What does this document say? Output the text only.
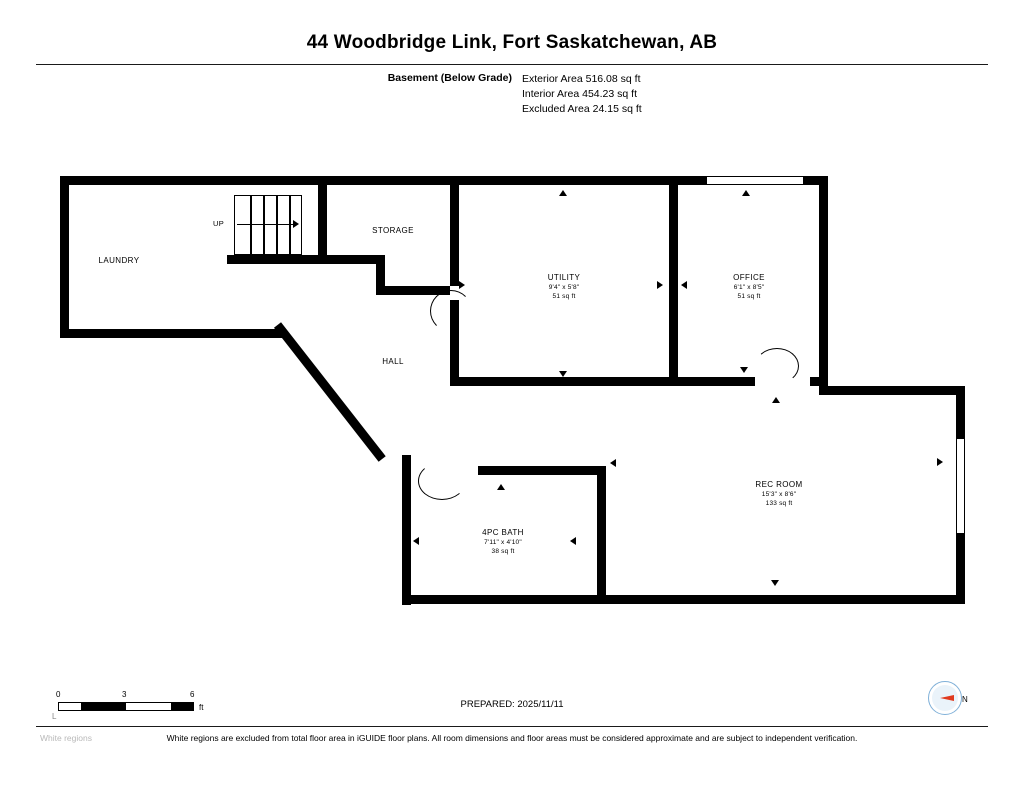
44 Woodbridge Link, Fort Saskatchewan, AB
Basement (Below Grade) Exterior Area 516.08 sq ft
Interior Area 454.23 sq ft
Excluded Area 24.15 sq ft
UP
LAUNDRY
STORAGE
UTILITY
9'4" x 5'8"
51 sq ft
OFFICE
6'1" x 8'5"
51 sq ft
HALL
REC ROOM
15'3" x 8'6"
133 sq ft
4PC BATH
7'11" x 4'10"
38 sq ft
0	3	6
ft
L
PREPARED: 2025/11/11	N
White regions	White regions are excluded from total floor area in iGUIDE floor plans. All room dimensions and floor areas must be considered approximate and are subject to independent verification.
